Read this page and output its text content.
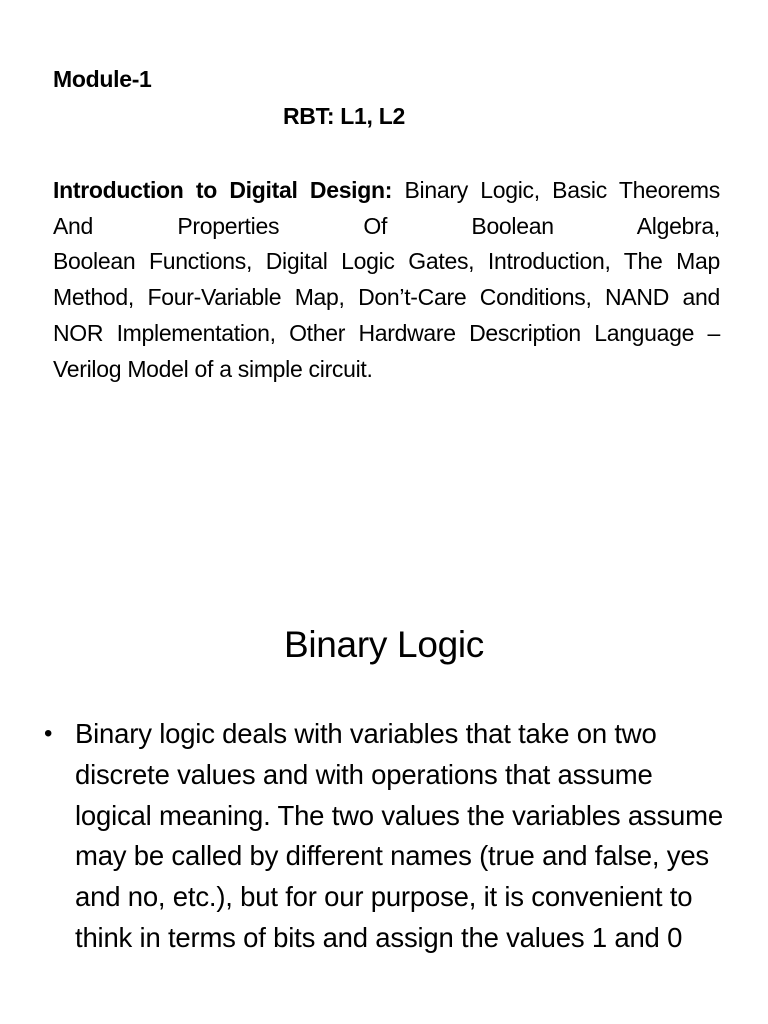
Module-1
RBT: L1, L2

Introduction to Digital Design: Binary Logic, Basic Theorems And Properties Of Boolean Algebra,

Boolean Functions, Digital Logic Gates, Introduction, The Map Method, Four-Variable Map, Don’t-Care Conditions, NAND and NOR Implementation, Other Hardware Description Language – Verilog Model of a simple circuit.

Binary Logic
• Binary logic deals with variables that take on two discrete values and with operations that assume logical meaning. The two values the variables assume may be called by different names (true and false, yes and no, etc.), but for our purpose, it is convenient to think in terms of bits and assign the values 1 and 0
